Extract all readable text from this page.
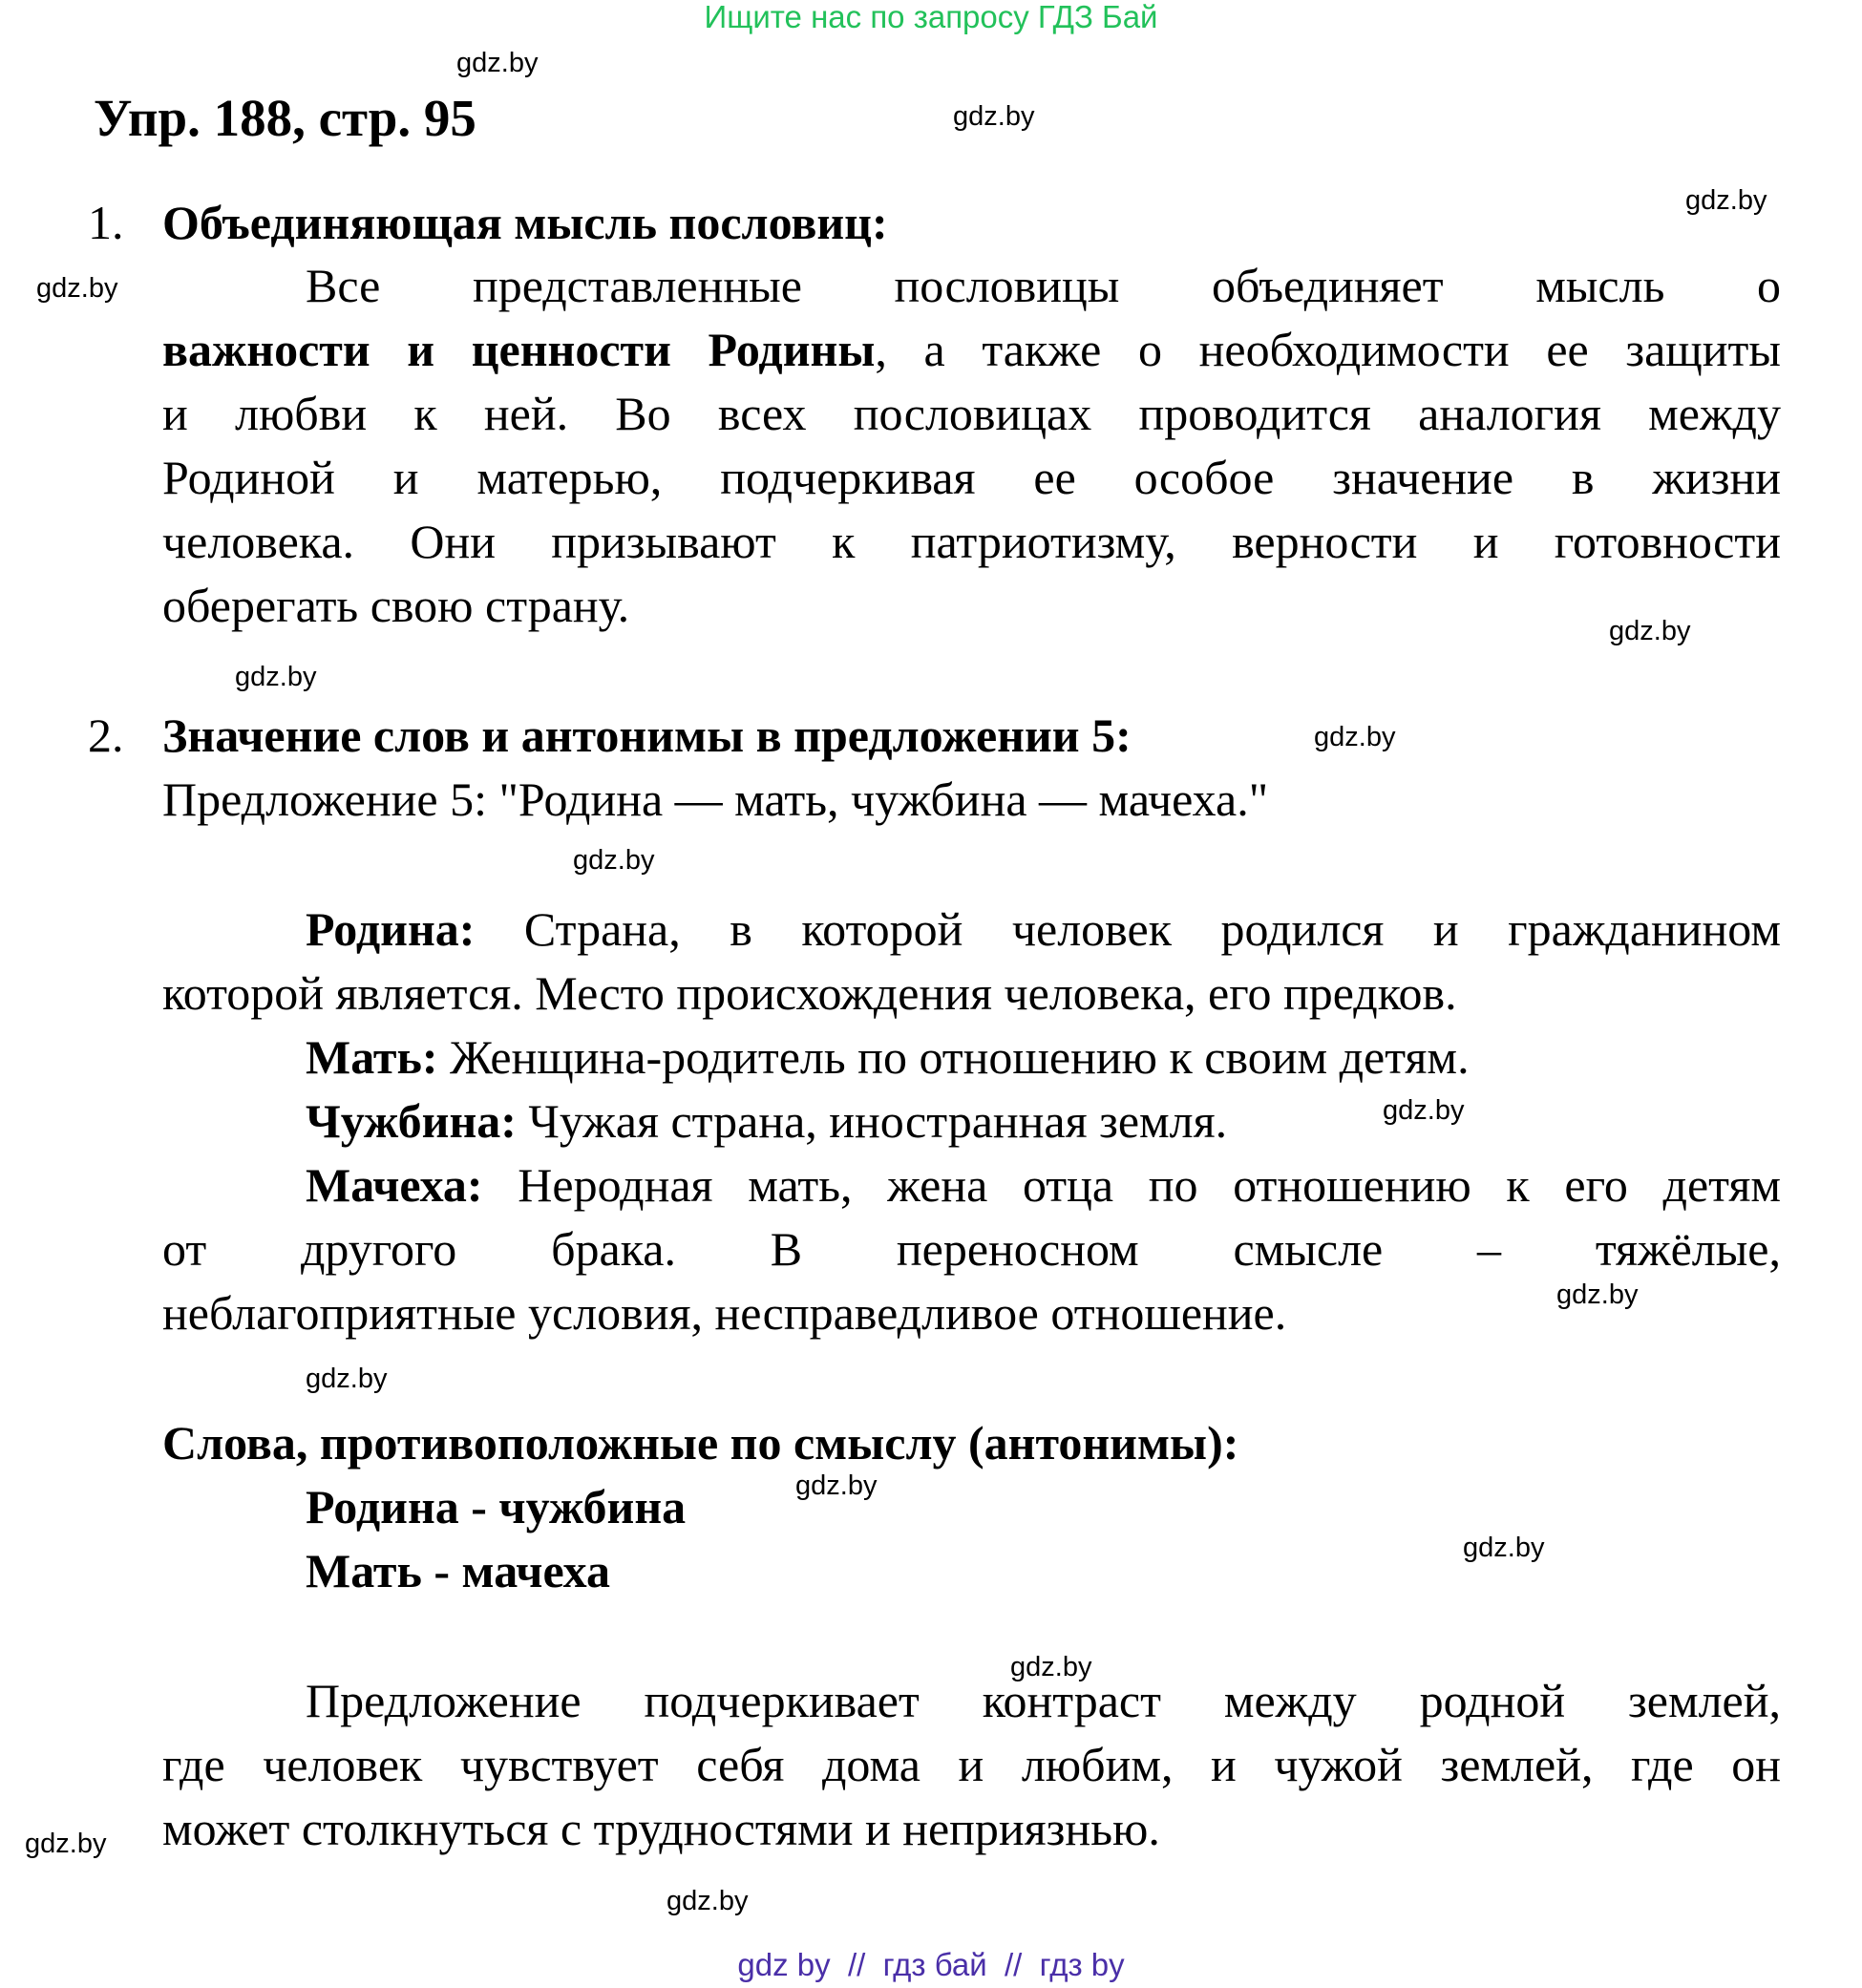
Ищите нас по запросу ГДЗ Бай
Упр. 188, стр. 95
1. Объединяющая мысль пословиц:
Все представленные пословицы объединяет мысль о
важности и ценности Родины, а также о необходимости ее защиты
и любви к ней. Во всех пословицах проводится аналогия между
Родиной и матерью, подчеркивая ее особое значение в жизни
человека. Они призывают к патриотизму, верности и готовности
оберегать свою страну.
2. Значение слов и антонимы в предложении 5:
Предложение 5: "Родина — мать, чужбина — мачеха."
Родина: Страна, в которой человек родился и гражданином
которой является. Место происхождения человека, его предков.
Мать: Женщина-родитель по отношению к своим детям.
Чужбина: Чужая страна, иностранная земля.
Мачеха: Неродная мать, жена отца по отношению к его детям
от другого брака. В переносном смысле – тяжёлые,
неблагоприятные условия, несправедливое отношение.
Слова, противоположные по смыслу (антонимы):
Родина - чужбина
Мать - мачеха
Предложение подчеркивает контраст между родной землей,
где человек чувствует себя дома и любим, и чужой землей, где он
может столкнуться с трудностями и неприязнью.
gdz.by
gdz.by
gdz.by
gdz.by
gdz.by
gdz.by
gdz.by
gdz.by
gdz.by
gdz.by
gdz.by
gdz.by
gdz.by
gdz.by
gdz.by
gdz.by
gdz by  //  гдз бай  //  гдз by
